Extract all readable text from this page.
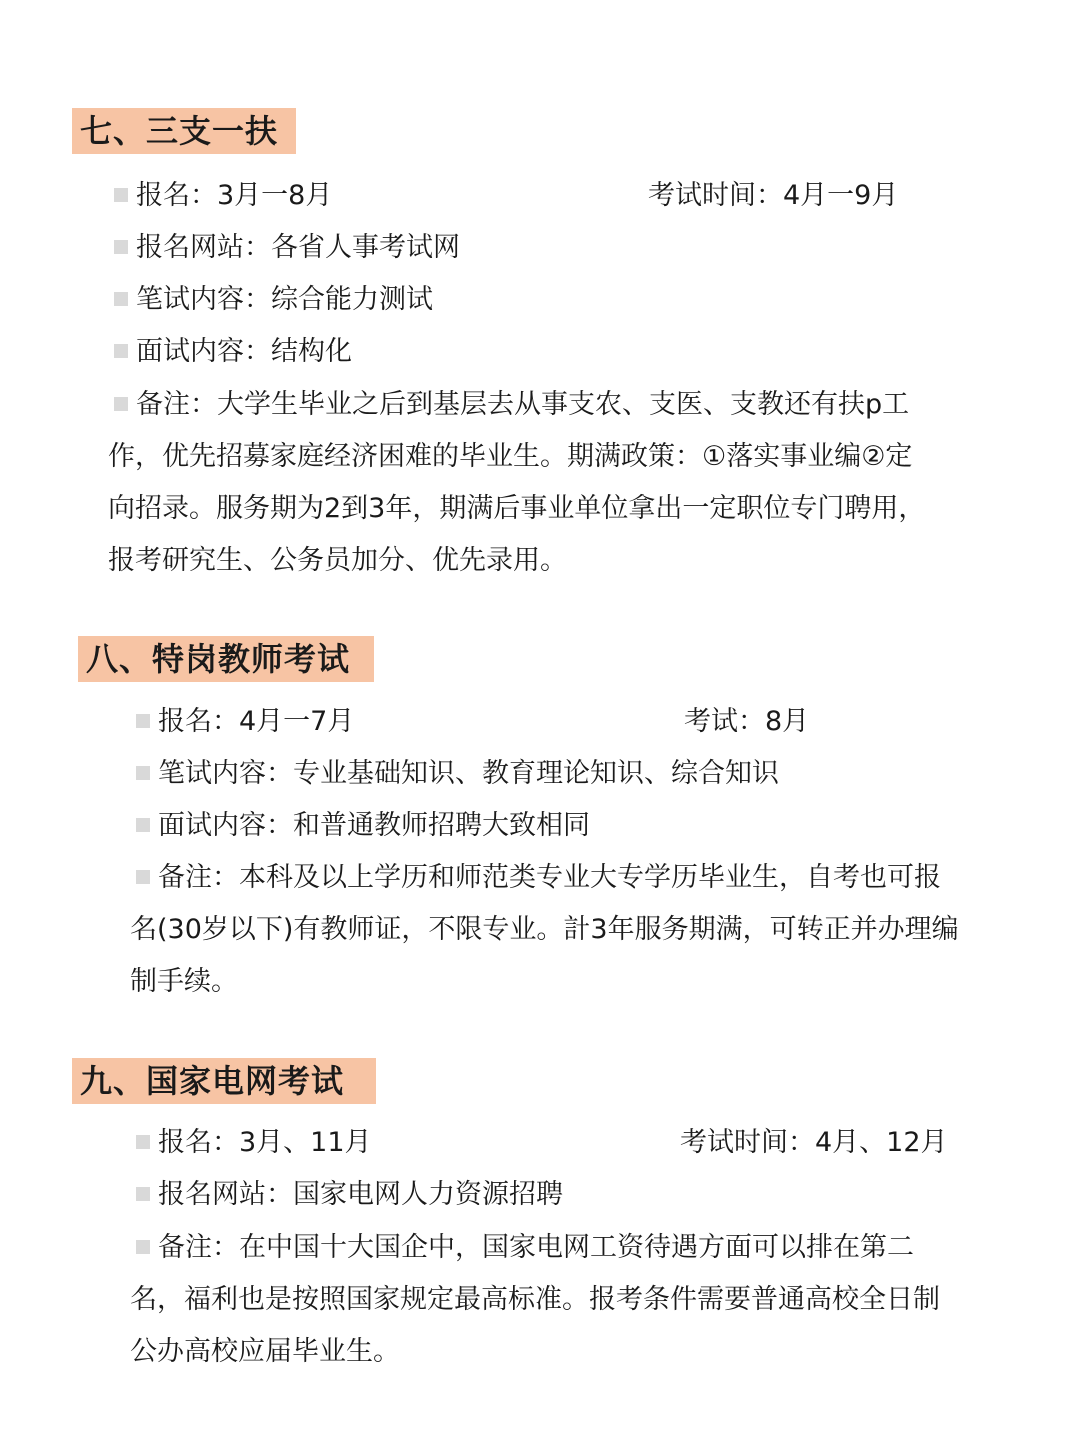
七、三支一扶
报名：3月一8月	考试时间：4月一9月
报名网站：各省人事考试网
笔试内容：综合能力测试
面试内容：结构化
备注：大学生毕业之后到基层去从事支农、支医、支教还有扶p工
作，优先招募家庭经济困难的毕业生。期满政策：①落实事业编②定
向招录。服务期为2到3年，期满后事业单位拿出一定职位专门聘用，
报考研究生、公务员加分、优先录用。
八、特岗教师考试
报名：4月一7月	考试：8月
笔试内容：专业基础知识、教育理论知识、综合知识
面试内容：和普通教师招聘大致相同
备注：本科及以上学历和师范类专业大专学历毕业生，自考也可报
名(30岁以下)有教师证，不限专业。計3年服务期满，可转正并办理编
制手续。
九、国家电网考试
报名：3月、11月	考试时间：4月、12月
报名网站：国家电网人力资源招聘
备注：在中国十大国企中，国家电网工资待遇方面可以排在第二
名，福利也是按照国家规定最高标准。报考条件需要普通高校全日制
公办高校应届毕业生。
